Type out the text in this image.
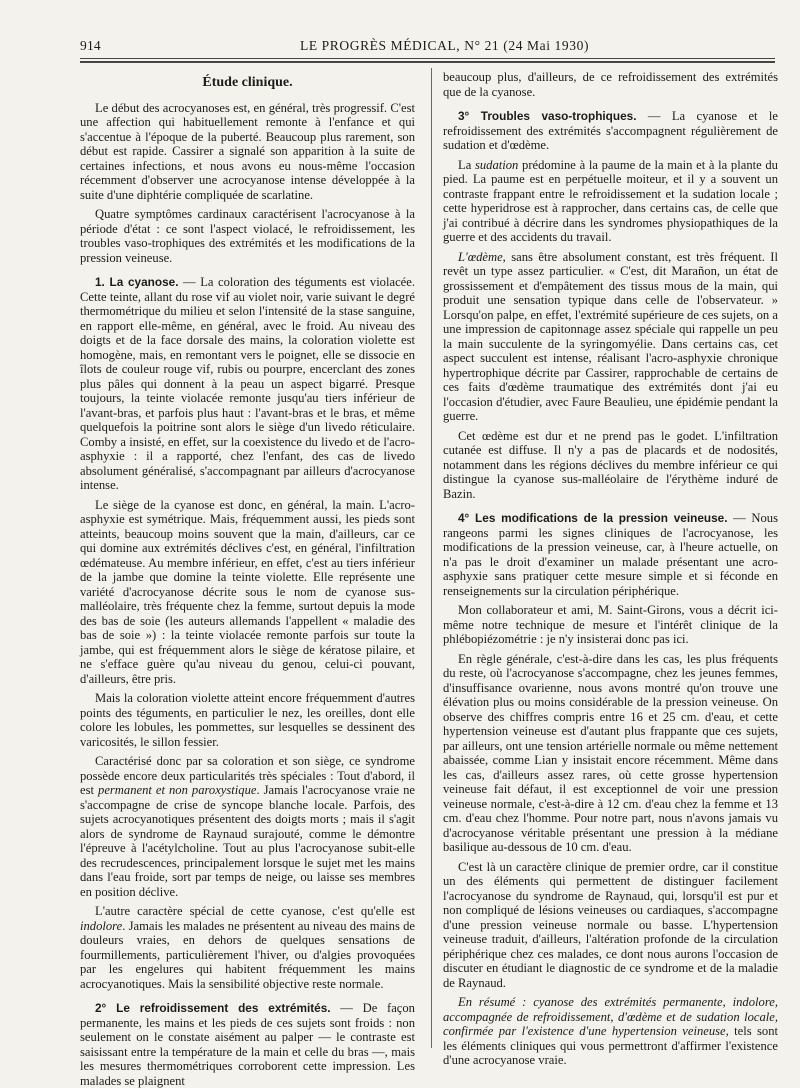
914	LE PROGRÈS MÉDICAL, N° 21 (24 Mai 1930)
Étude clinique.

Le début des acrocyanoses est, en général, très progressif. C'est une affection qui habituellement remonte à l'enfance et qui s'accentue à l'époque de la puberté. Beaucoup plus rarement, son début est rapide. Cassirer a signalé son apparition à la suite de certaines infections, et nous avons eu nous-même l'occasion récemment d'observer une acrocyanose intense développée à la suite d'une diphtérie compliquée de scarlatine.

Quatre symptômes cardinaux caractérisent l'acrocyanose à la période d'état : ce sont l'aspect violacé, le refroidissement, les troubles vaso-trophiques des extrémités et les modifications de la pression veineuse.

1. La cyanose. — La coloration des téguments est violacée. Cette teinte, allant du rose vif au violet noir, varie suivant le degré thermométrique du milieu et selon l'intensité de la stase sanguine, en rapport elle-même, en général, avec le froid. Au niveau des doigts et de la face dorsale des mains, la coloration violette est homogène, mais, en remontant vers le poignet, elle se dissocie en îlots de couleur rouge vif, rubis ou pourpre, encerclant des zones plus pâles qui donnent à la peau un aspect bigarré. Presque toujours, la teinte violacée remonte jusqu'au tiers inférieur de l'avant-bras, et parfois plus haut : l'avant-bras et le bras, et même quelquefois la poitrine sont alors le siège d'un livedo réticulaire. Comby a insisté, en effet, sur la coexistence du livedo et de l'acro-asphyxie : il a rapporté, chez l'enfant, des cas de livedo absolument généralisé, s'accompagnant par ailleurs d'acrocyanose intense.

Le siège de la cyanose est donc, en général, la main. L'acro-asphyxie est symétrique. Mais, fréquemment aussi, les pieds sont atteints, beaucoup moins souvent que la main, d'ailleurs, car ce qui domine aux extrémités déclives c'est, en général, l'infiltration œdémateuse. Au membre inférieur, en effet, c'est au tiers inférieur de la jambe que domine la teinte violette. Elle représente une variété d'acrocyanose décrite sous le nom de cyanose sus-malléolaire, très fréquente chez la femme, surtout depuis la mode des bas de soie (les auteurs allemands l'appellent « maladie des bas de soie ») : la teinte violacée remonte parfois sur toute la jambe, qui est fréquemment alors le siège de kératose pilaire, et ne s'efface guère qu'au niveau du genou, celui-ci pouvant, d'ailleurs, être pris.

Mais la coloration violette atteint encore fréquemment d'autres points des téguments, en particulier le nez, les oreilles, dont elle colore les lobules, les pommettes, sur lesquelles se dessinent des varicosités, le sillon fessier.

Caractérisé donc par sa coloration et son siège, ce syndrome possède encore deux particularités très spéciales : Tout d'abord, il est permanent et non paroxystique. Jamais l'acrocyanose vraie ne s'accompagne de crise de syncope blanche locale. Parfois, des sujets acrocyanotiques présentent des doigts morts ; mais il s'agit alors de syndrome de Raynaud surajouté, comme le démontre l'épreuve à l'acétylcholine. Tout au plus l'acrocyanose subit-elle des recrudescences, principalement lorsque le sujet met les mains dans l'eau froide, sort par temps de neige, ou laisse ses membres en position déclive.

L'autre caractère spécial de cette cyanose, c'est qu'elle est indolore. Jamais les malades ne présentent au niveau des mains de douleurs vraies, en dehors de quelques sensations de fourmillements, particulièrement l'hiver, ou d'algies provoquées par les engelures qui habitent fréquemment les mains acrocyanotiques. Mais la sensibilité objective reste normale.

2° Le refroidissement des extrémités. — De façon permanente, les mains et les pieds de ces sujets sont froids : non seulement on le constate aisément au palper — le contraste est saisissant entre la température de la main et celle du bras —, mais les mesures thermométriques corroborent cette impression. Les malades se plaignent

beaucoup plus, d'ailleurs, de ce refroidissement des extrémités que de la cyanose.

3° Troubles vaso-trophiques. — La cyanose et le refroidissement des extrémités s'accompagnent régulièrement de sudation et d'œdème.

La sudation prédomine à la paume de la main et à la plante du pied. La paume est en perpétuelle moiteur, et il y a souvent un contraste frappant entre le refroidissement et la sudation locale ; cette hyperidrose est à rapprocher, dans certains cas, de celle que j'ai contribué à décrire dans les syndromes physiopathiques de la guerre et des accidents du travail.

L'œdème, sans être absolument constant, est très fréquent. Il revêt un type assez particulier. « C'est, dit Marañon, un état de grossissement et d'empâtement des tissus mous de la main, qui produit une sensation typique dans celle de l'observateur. » Lorsqu'on palpe, en effet, l'extrémité supérieure de ces sujets, on a une impression de capitonnage assez spéciale qui rappelle un peu la main succulente de la syringomyélie. Dans certains cas, cet aspect succulent est intense, réalisant l'acro-asphyxie chronique hypertrophique décrite par Cassirer, rapprochable de certains de ces faits d'œdème traumatique des extrémités dont j'ai eu l'occasion d'étudier, avec Faure Beaulieu, une épidémie pendant la guerre.

Cet œdème est dur et ne prend pas le godet. L'infiltration cutanée est diffuse. Il n'y a pas de placards et de nodosités, notamment dans les régions déclives du membre inférieur ce qui distingue la cyanose sus-malléolaire de l'érythème induré de Bazin.

4° Les modifications de la pression veineuse. — Nous rangeons parmi les signes cliniques de l'acrocyanose, les modifications de la pression veineuse, car, à l'heure actuelle, on n'a pas le droit d'examiner un malade présentant une acro-asphyxie sans pratiquer cette mesure simple et si féconde en renseignements sur la circulation périphérique.

Mon collaborateur et ami, M. Saint-Girons, vous a décrit ici-même notre technique de mesure et l'intérêt clinique de la phlébopiézométrie : je n'y insisterai donc pas ici.

En règle générale, c'est-à-dire dans les cas, les plus fréquents du reste, où l'acrocyanose s'accompagne, chez les jeunes femmes, d'insuffisance ovarienne, nous avons montré qu'on trouve une élévation plus ou moins considérable de la pression veineuse. On observe des chiffres compris entre 16 et 25 cm. d'eau, et cette hypertension veineuse est d'autant plus frappante que ces sujets, par ailleurs, ont une tension artérielle normale ou même nettement abaissée, comme Lian y insistait encore récemment. Même dans les cas, d'ailleurs assez rares, où cette grosse hypertension veineuse fait défaut, il est exceptionnel de voir une pression veineuse normale, c'est-à-dire à 12 cm. d'eau chez la femme et 13 cm. d'eau chez l'homme. Pour notre part, nous n'avons jamais vu d'acrocyanose véritable présentant une pression à la médiane basilique au-dessous de 10 cm. d'eau.

C'est là un caractère clinique de premier ordre, car il constitue un des éléments qui permettent de distinguer facilement l'acrocyanose du syndrome de Raynaud, qui, lorsqu'il est pur et non compliqué de lésions veineuses ou cardiaques, s'accompagne d'une pression veineuse normale ou basse. L'hypertension veineuse traduit, d'ailleurs, l'altération profonde de la circulation périphérique chez ces malades, ce dont nous aurons l'occasion de discuter en étudiant le diagnostic de ce syndrome et de la maladie de Raynaud.

En résumé : cyanose des extrémités permanente, indolore, accompagnée de refroidissement, d'œdème et de sudation locale, confirmée par l'existence d'une hypertension veineuse, tels sont les éléments cliniques qui vous permettront d'affirmer l'existence d'une acrocyanose vraie.
